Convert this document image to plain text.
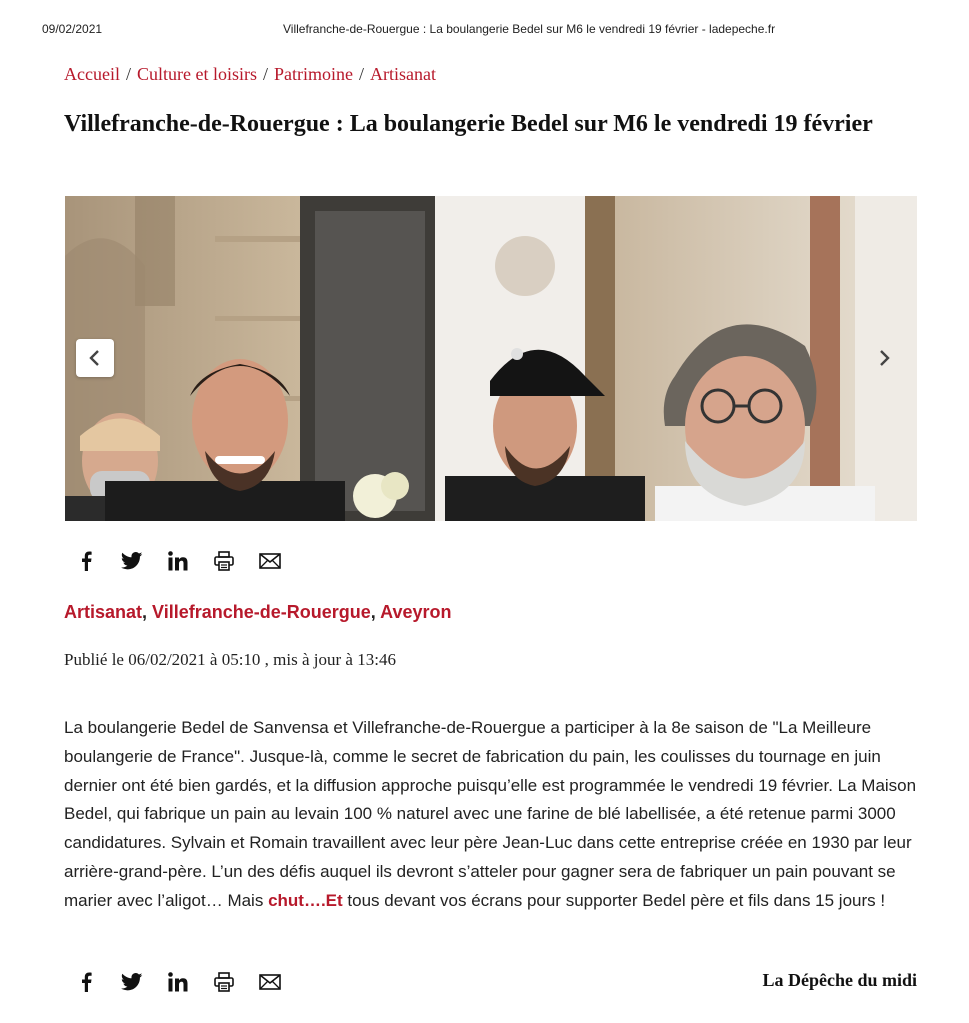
09/02/2021	Villefranche-de-Rouergue : La boulangerie Bedel sur M6 le vendredi 19 février - ladepeche.fr
Accueil / Culture et loisirs / Patrimoine / Artisanat
Villefranche-de-Rouergue : La boulangerie Bedel sur M6 le vendredi 19 février
Artisanat, Villefranche-de-Rouergue, Aveyron
Publié le 06/02/2021 à 05:10 , mis à jour à 13:46

La boulangerie Bedel de Sanvensa et Villefranche-de-Rouergue a participer à la 8e saison de "La Meilleure boulangerie de France". Jusque-là, comme le secret de fabrication du pain, les coulisses du tournage en juin dernier ont été bien gardés, et la diffusion approche puisqu’elle est programmée le vendredi 19 février. La Maison Bedel, qui fabrique un pain au levain 100 % naturel avec une farine de blé labellisée, a été retenue parmi 3000 candidatures. Sylvain et Romain travaillent avec leur père Jean-Luc dans cette entreprise créée en 1930 par leur arrière-grand-père. L’un des défis auquel ils devront s’atteler pour gagner sera de fabriquer un pain pouvant se marier avec l’aligot… Mais chut….Et tous devant vos écrans pour supporter Bedel père et fils dans 15 jours !

La Dépêche du midi
